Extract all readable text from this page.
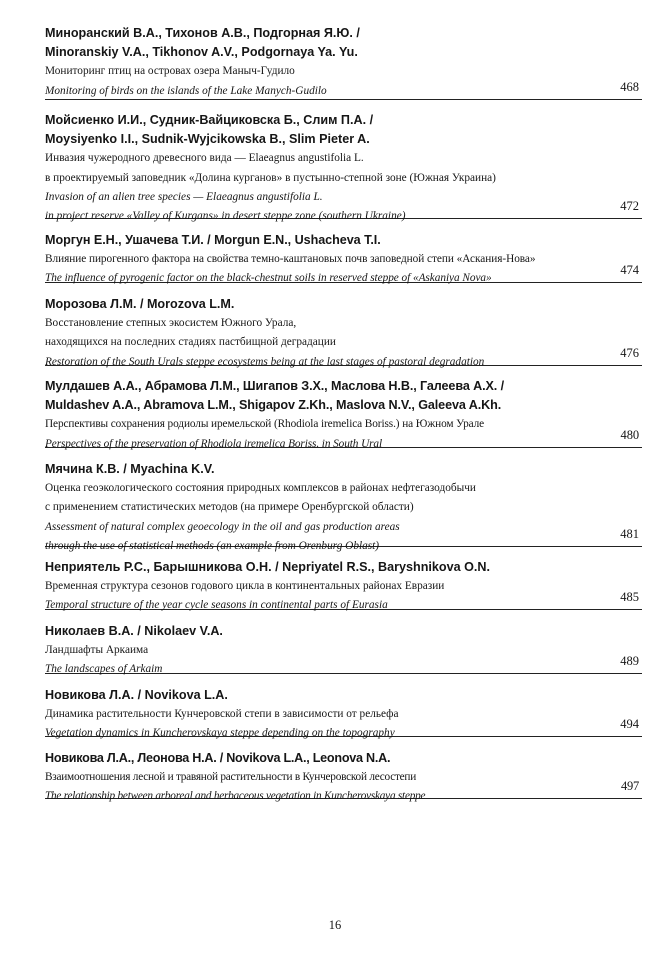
Минoранский В.А., Тихонов А.В., Подгорная Я.Ю. /
Minoranskiy V.A., Tikhonov A.V., Podgornaya Ya. Yu.
Мониторинг птиц на островах озера Маныч-Гудило
Monitoring of birds on the islands of the Lake Manych-Gudilo	468
Мойсиенко И.И., Судник-Вайциковска Б., Слим П.А. /
Moysiyenko I.I., Sudnik-Wyjcikowska B., Slim Pieter A.
Инвазия чужеродного древесного вида — Elaeagnus angustifolia L.
в проектируемый заповедник «Долина курганов» в пустынно-степной зоне (Южная Украина)
Invasion of an alien tree species — Elaeagnus angustifolia L.
in project reserve «Valley of Kurgans» in desert steppe zone (southern Ukraine)
472
Моргун Е.Н., Ушачева Т.И. / Morgun E.N., Ushacheva T.I.
Влияние пирогенного фактора на свойства темно-каштановых почв заповедной степи «Аскания-Нова»
The influence of pyrogenic factor on the black-chestnut soils in reserved steppe of «Askaniya Nova»
474
Морозова Л.М. / Morozova L.M.
Восстановление степных экосистем Южного Урала,
находящихся на последних стадиях пастбищной деградации
Restoration of the South Urals steppe ecosystems being at the last stages of pastoral degradation
476
Мулдашев А.А., Абрамова Л.М., Шигапов З.Х., Маслова Н.В., Галеева А.Х. /
Muldashev A.A., Abramova L.M., Shigapov Z.Kh., Maslova N.V., Galeeva A.Kh.
Перспективы сохранения родиолы иремельской (Rhodiola iremelica Boriss.) на Южном Урале
Perspectives of the preservation of Rhodiola iremelica Boriss. in South Ural
480
Мячина К.В. / Myachina K.V.
Оценка геоэкологического состояния природных комплексов в районах нефтегазодобычи
с применением статистических методов (на примере Оренбургской области)
Assessment of natural complex geoecology in the oil and gas production areas
through the use of statistical methods (an example from Orenburg Oblast)
481
Неприятель Р.С., Барышникова О.Н. / Nepriyatel R.S., Baryshnikova O.N.
Временная структура сезонов годового цикла в континентальных районах Евразии
Temporal structure of the year cycle seasons in continental parts of Eurasia
485
Николаев В.А. / Nikolaev V.A.
Ландшафты Аркаима
The landscapes of Arkaim
489
Новикова Л.А. / Novikova L.A.
Динамика растительности Кунчеровской степи в зависимости от рельефа
Vegetation dynamics in Kuncherovskaya steppe depending on the topography
494
Новикова Л.А., Леонова Н.А. / Novikova L.A., Leonova N.A.
Взаимоотношения лесной и травяной растительности в Кунчеровской лесостепи
The relationship between arboreal and herbaceous vegetation in Kuncherovskaya steppe
497
16
